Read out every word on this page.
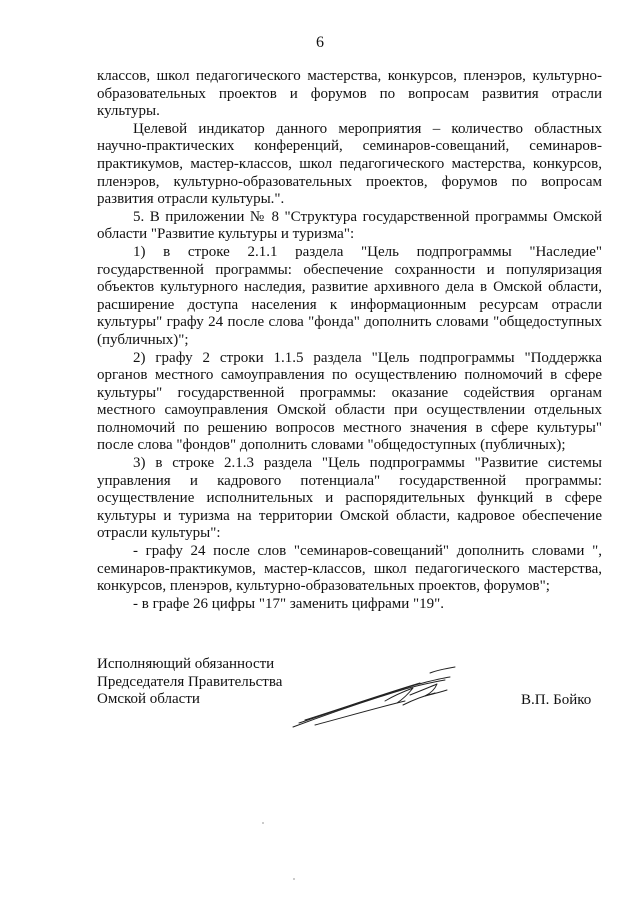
6

классов, школ педагогического мастерства, конкурсов, пленэров, культурно-образовательных проектов и форумов по вопросам развития отрасли культуры.

Целевой индикатор данного мероприятия – количество областных научно-практических конференций, семинаров-совещаний, семинаров-практикумов, мастер-классов, школ педагогического мастерства, конкурсов, пленэров, культурно-образовательных проектов, форумов по вопросам развития отрасли культуры.".

5. В приложении № 8 "Структура государственной программы Омской области "Развитие культуры и туризма":

1) в строке 2.1.1 раздела "Цель подпрограммы "Наследие" государственной программы: обеспечение сохранности и популяризация объектов культурного наследия, развитие архивного дела в Омской области, расширение доступа населения к информационным ресурсам отрасли культуры" графу 24 после слова "фонда" дополнить словами "общедоступных (публичных)";

2) графу 2 строки 1.1.5 раздела "Цель подпрограммы "Поддержка органов местного самоуправления по осуществлению полномочий в сфере культуры" государственной программы: оказание содействия органам местного самоуправления Омской области при осуществлении отдельных полномочий по решению вопросов местного значения в сфере культуры" после слова "фондов" дополнить словами "общедоступных (публичных);

3) в строке 2.1.3 раздела "Цель подпрограммы "Развитие системы управления и кадрового потенциала" государственной программы: осуществление исполнительных и распорядительных функций в сфере культуры и туризма на территории Омской области, кадровое обеспечение отрасли культуры":

- графу 24 после слов "семинаров-совещаний" дополнить словами ", семинаров-практикумов, мастер-классов, школ педагогического мастерства, конкурсов, пленэров, культурно-образовательных проектов, форумов";

- в графе 26 цифры "17" заменить цифрами "19".

Исполняющий обязанности
Председателя Правительства
Омской области	В.П. Бойко
